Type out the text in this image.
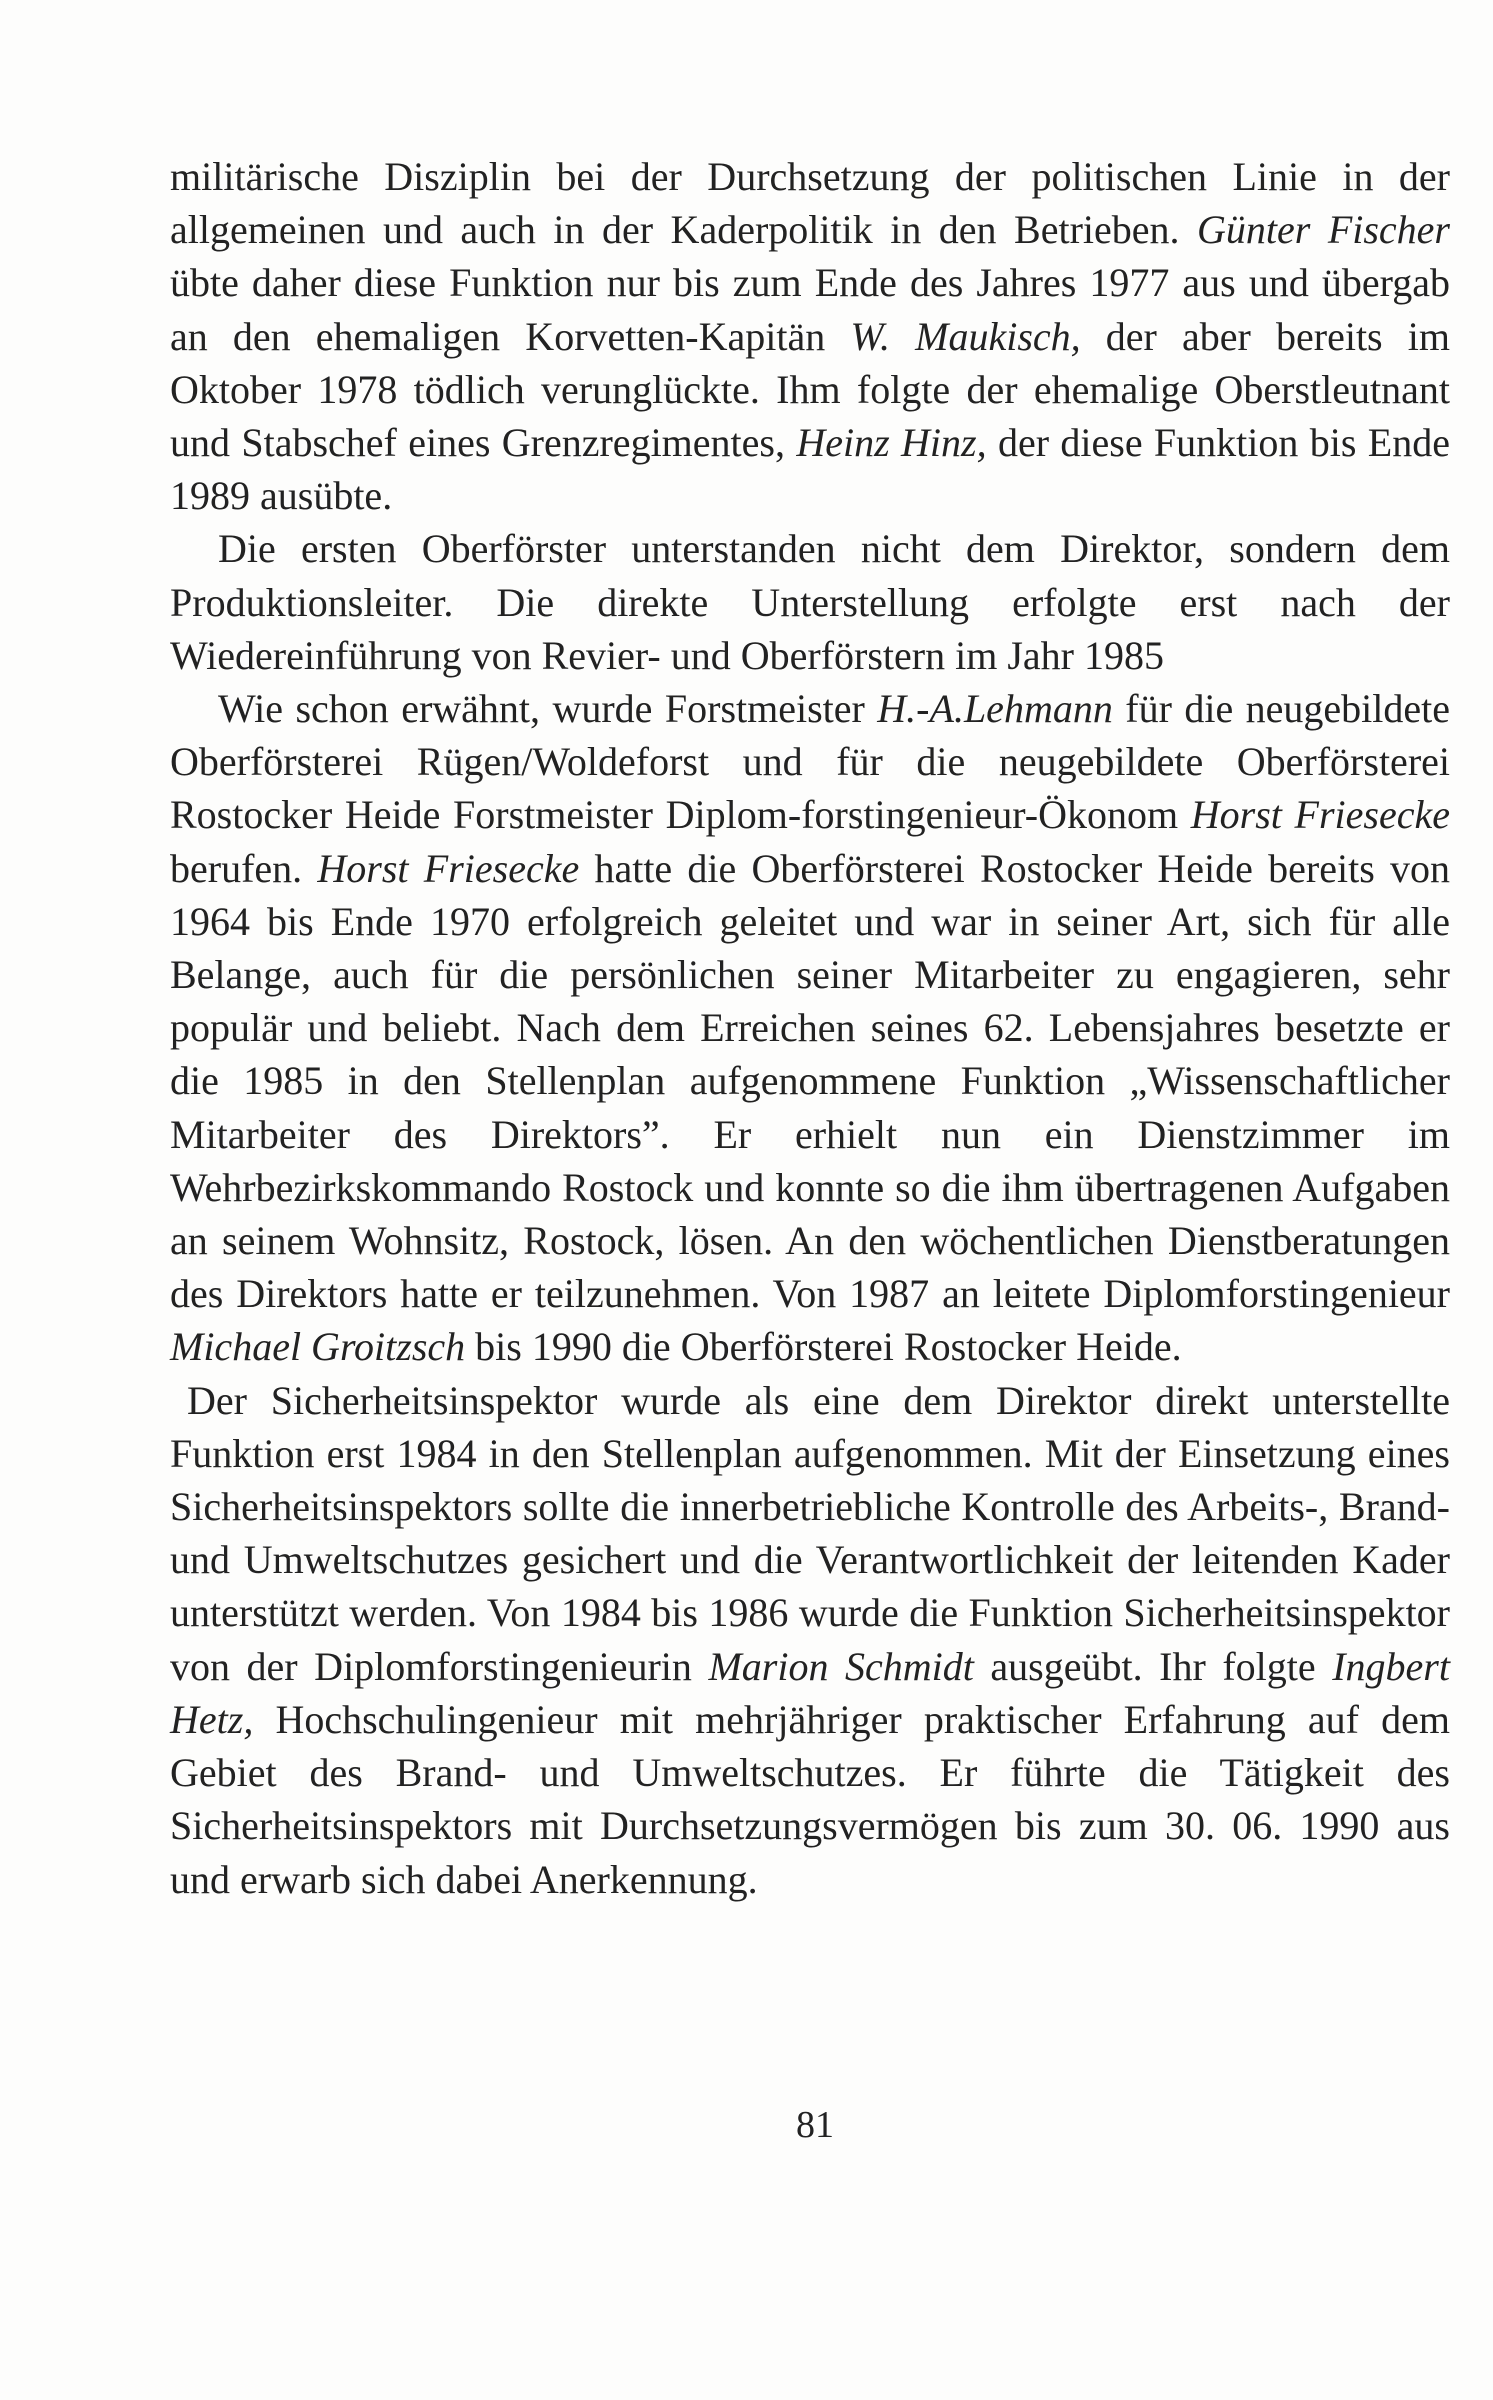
militärische Disziplin bei der Durchsetzung der politischen Linie in der allgemeinen und auch in der Kaderpolitik in den Betrieben. Günter Fischer übte daher diese Funktion nur bis zum Ende des Jahres 1977 aus und übergab an den ehemaligen Korvetten-Kapitän W. Maukisch, der aber bereits im Oktober 1978 tödlich verunglückte. Ihm folgte der ehemalige Oberstleutnant und Stabschef eines Grenzregimentes, Heinz Hinz, der diese Funktion bis Ende 1989 ausübte.

Die ersten Oberförster unterstanden nicht dem Direktor, sondern dem Produktionsleiter. Die direkte Unterstellung erfolgte erst nach der Wiedereinführung von Revier- und Oberförstern im Jahr 1985

Wie schon erwähnt, wurde Forstmeister H.-A.Lehmann für die neugebildete Oberförsterei Rügen/Woldeforst und für die neugebildete Oberförsterei Rostocker Heide Forstmeister Diplom-forstingenieur-Ökonom Horst Friesecke berufen. Horst Friesecke hatte die Oberförsterei Rostocker Heide bereits von 1964 bis Ende 1970 erfolgreich geleitet und war in seiner Art, sich für alle Belange, auch für die persönlichen seiner Mitarbeiter zu engagieren, sehr populär und beliebt. Nach dem Erreichen seines 62. Lebensjahres besetzte er die 1985 in den Stellenplan aufgenommene Funktion „Wissenschaftlicher Mitarbeiter des Direktors”. Er erhielt nun ein Dienstzimmer im Wehrbezirkskommando Rostock und konnte so die ihm übertragenen Aufgaben an seinem Wohnsitz, Rostock, lösen. An den wöchentlichen Dienstberatungen des Direktors hatte er teilzunehmen. Von 1987 an leitete Diplomforstingenieur Michael Groitzsch bis 1990 die Oberförsterei Rostocker Heide.

Der Sicherheitsinspektor wurde als eine dem Direktor direkt unterstellte Funktion erst 1984 in den Stellenplan aufgenommen. Mit der Einsetzung eines Sicherheitsinspektors sollte die innerbetriebliche Kontrolle des Arbeits-, Brand- und Umweltschutzes gesichert und die Verantwortlichkeit der leitenden Kader unterstützt werden. Von 1984 bis 1986 wurde die Funktion Sicherheitsinspektor von der Diplomforstingenieurin Marion Schmidt ausgeübt. Ihr folgte Ingbert Hetz, Hochschulingenieur mit mehrjähriger praktischer Erfahrung auf dem Gebiet des Brand- und Umweltschutzes. Er führte die Tätigkeit des Sicherheitsinspektors mit Durchsetzungsvermögen bis zum 30. 06. 1990 aus und erwarb sich dabei Anerkennung.

81
